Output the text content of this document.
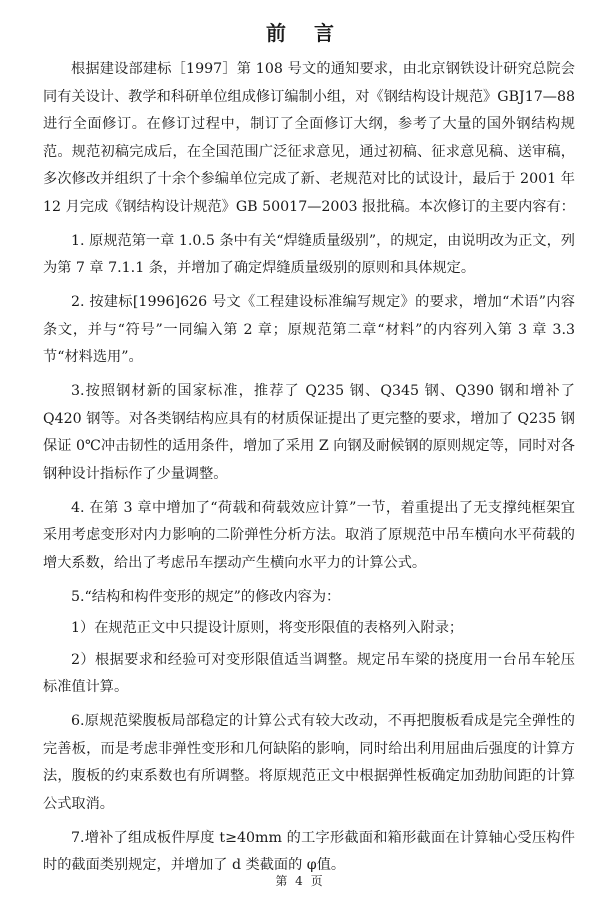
前言

根据建设部建标［1997］第 108 号文的通知要求，由北京钢铁设计研究总院会同有关设计、教学和科研单位组成修订编制小组，对《钢结构设计规范》GBJ17—88 进行全面修订。在修订过程中，制订了全面修订大纲，参考了大量的国外钢结构规范。规范初稿完成后，在全国范围广泛征求意见，通过初稿、征求意见稿、送审稿，多次修改并组织了十余个参编单位完成了新、老规范对比的试设计，最后于 2001 年 12 月完成《钢结构设计规范》GB 50017—2003 报批稿。本次修订的主要内容有：

1. 原规范第一章 1.0.5 条中有关“焊缝质量级别”，的规定，由说明改为正文，列为第 7 章 7.1.1 条，并增加了确定焊缝质量级别的原则和具体规定。

2. 按建标[1996]626 号文《工程建设标准编写规定》的要求，增加“术语”内容条文，并与“符号”一同编入第 2 章；原规范第二章“材料”的内容列入第 3 章 3.3 节“材料选用”。

3.按照钢材新的国家标准，推荐了 Q235 钢、Q345 钢、Q390 钢和增补了 Q420 钢等。对各类钢结构应具有的材质保证提出了更完整的要求，增加了 Q235 钢保证 0℃冲击韧性的适用条件，增加了采用 Z 向钢及耐候钢的原则规定等，同时对各钢种设计指标作了少量调整。

4. 在第 3 章中增加了“荷载和荷载效应计算”一节，着重提出了无支撑纯框架宜采用考虑变形对内力影响的二阶弹性分析方法。取消了原规范中吊车横向水平荷载的增大系数，给出了考虑吊车摆动产生横向水平力的计算公式。

5.“结构和构件变形的规定”的修改内容为：

1）在规范正文中只提设计原则，将变形限值的表格列入附录；

2）根据要求和经验可对变形限值适当调整。规定吊车梁的挠度用一台吊车轮压标准值计算。

6.原规范梁腹板局部稳定的计算公式有较大改动，不再把腹板看成是完全弹性的完善板，而是考虑非弹性变形和几何缺陷的影响，同时给出利用屈曲后强度的计算方法，腹板的约束系数也有所调整。将原规范正文中根据弹性板确定加劲肋间距的计算公式取消。

7.增补了组成板件厚度 t≥40mm 的工字形截面和箱形截面在计算轴心受压构件时的截面类别规定，并增加了 d 类截面的 φ值。

第 4 页
